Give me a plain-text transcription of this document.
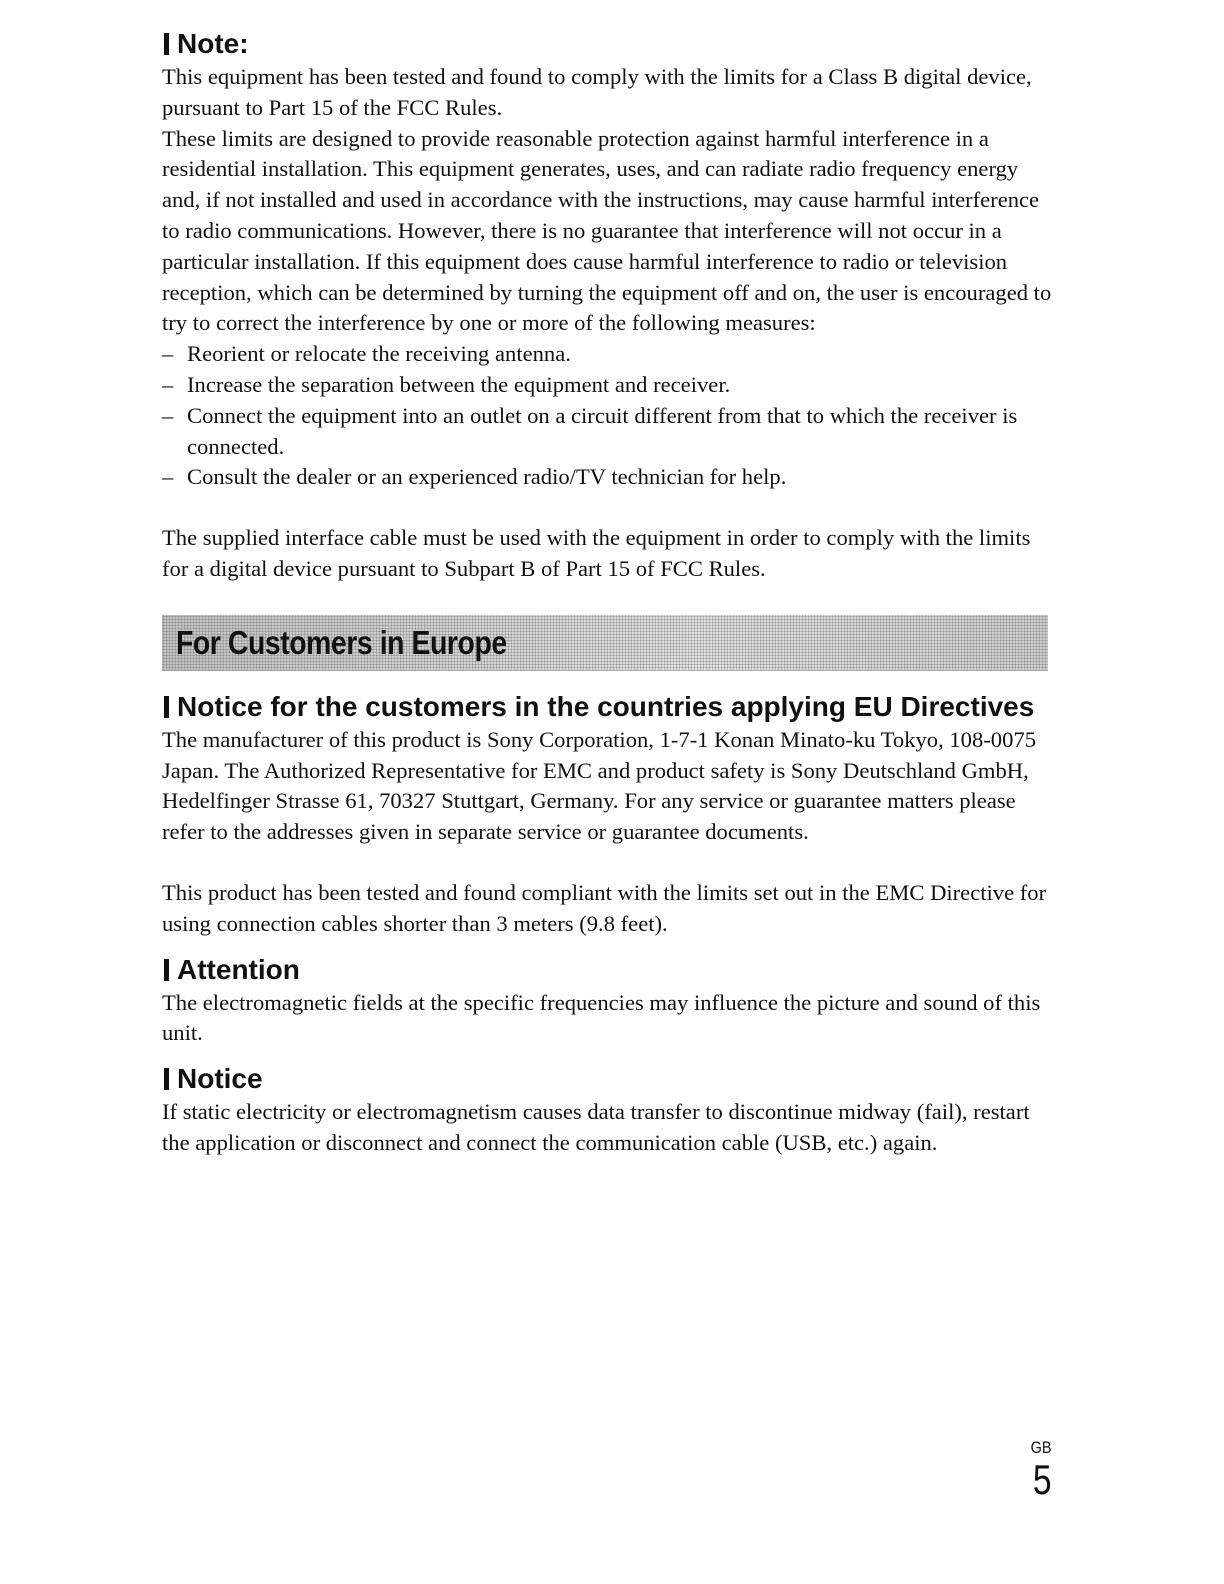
Note:

This equipment has been tested and found to comply with the limits for a Class B digital device, pursuant to Part 15 of the FCC Rules.

These limits are designed to provide reasonable protection against harmful interference in a residential installation. This equipment generates, uses, and can radiate radio frequency energy and, if not installed and used in accordance with the instructions, may cause harmful interference to radio communications. However, there is no guarantee that interference will not occur in a particular installation. If this equipment does cause harmful interference to radio or television reception, which can be determined by turning the equipment off and on, the user is encouraged to try to correct the interference by one or more of the following measures:

– Reorient or relocate the receiving antenna.
– Increase the separation between the equipment and receiver.
– Connect the equipment into an outlet on a circuit different from that to which the receiver is connected.
– Consult the dealer or an experienced radio/TV technician for help.

The supplied interface cable must be used with the equipment in order to comply with the limits for a digital device pursuant to Subpart B of Part 15 of FCC Rules.

For Customers in Europe
Notice for the customers in the countries applying EU Directives

The manufacturer of this product is Sony Corporation, 1-7-1 Konan Minato-ku Tokyo, 108-0075 Japan. The Authorized Representative for EMC and product safety is Sony Deutschland GmbH, Hedelfinger Strasse 61, 70327 Stuttgart, Germany. For any service or guarantee matters please refer to the addresses given in separate service or guarantee documents.

This product has been tested and found compliant with the limits set out in the EMC Directive for using connection cables shorter than 3 meters (9.8 feet).

Attention

The electromagnetic fields at the specific frequencies may influence the picture and sound of this unit.

Notice

If static electricity or electromagnetism causes data transfer to discontinue midway (fail), restart the application or disconnect and connect the communication cable (USB, etc.) again.

GB
5
